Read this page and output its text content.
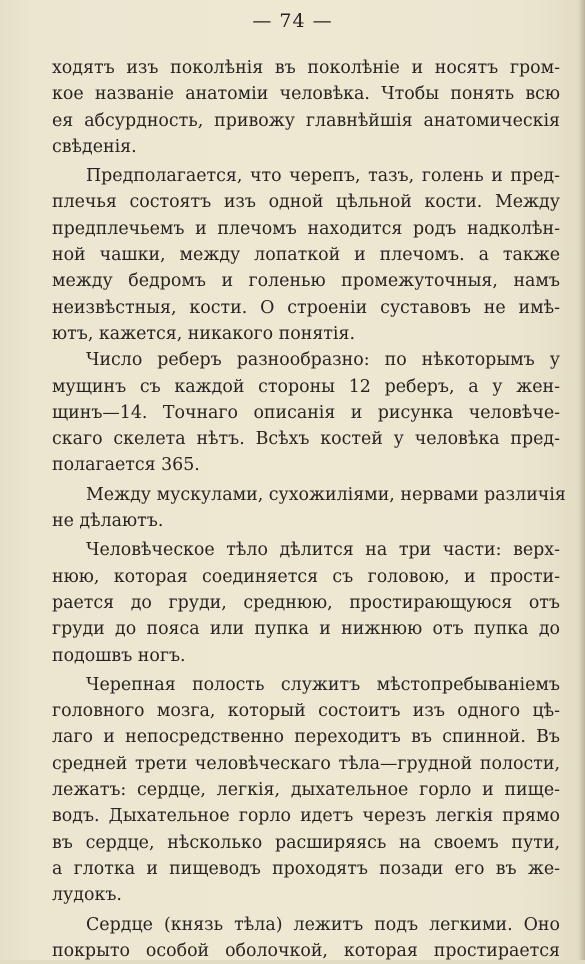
— 74 —
ходятъ изъ поколѣнія въ поколѣніе и носятъ гром-
кое названіе анатоміи человѣка. Чтобы понять всю
ея абсурдность, привожу главнѣйшія анатомическія
свѣденія.
Предполагается, что черепъ, тазъ, голень и пред-
плечья состоятъ изъ одной цѣльной кости. Между
предплечьемъ и плечомъ находится родъ надколѣн-
ной чашки, между лопаткой и плечомъ. а также
между бедромъ и голенью промежуточныя, намъ
неизвѣстныя, кости. О строеніи суставовъ не имѣ-
ютъ, кажется, никакого понятія.
Число реберъ разнообразно: по нѣкоторымъ у
мущинъ съ каждой стороны 12 реберъ, а у жен-
щинъ—14. Точнаго описанія и рисунка человѣче-
скаго скелета нѣтъ. Всѣхъ костей у человѣка пред-
полагается 365.
Между мускулами, сухожиліями, нервами различія
не дѣлаютъ.
Человѣческое тѣло дѣлится на три части: верх-
нюю, которая соединяется съ головою, и прости-
рается до груди, среднюю, простирающуюся отъ
груди до пояса или пупка и нижнюю отъ пупка до
подошвъ ногъ.
Черепная полость служитъ мѣстопребываніемъ
головного мозга, который состоитъ изъ одного цѣ-
лаго и непосредственно переходитъ въ спинной. Въ
средней трети человѣческаго тѣла—грудной полости,
лежатъ: сердце, легкія, дыхательное горло и пище-
водъ. Дыхательное горло идетъ черезъ легкія прямо
въ сердце, нѣсколько расширяясь на своемъ пути,
а глотка и пищеводъ проходятъ позади его въ же-
лудокъ.
Сердце (князь тѣла) лежитъ подъ легкими. Оно
покрыто особой оболочкой, которая простирается
